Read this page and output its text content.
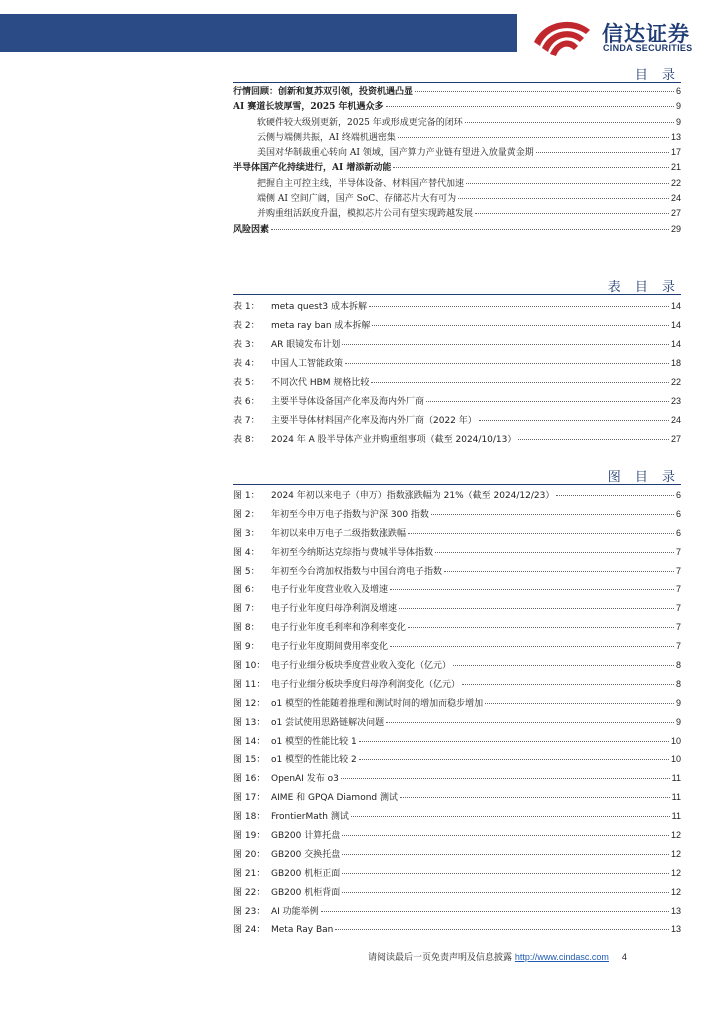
信达证券
CINDA SECURITIES
目 录
行情回顾：创新和复苏双引领，投资机遇凸显	6
AI 赛道长坡厚雪，2025 年机遇众多	9
软硬件较大级别更新，2025 年或形成更完备的闭环	9
云侧与端侧共振，AI 终端机遇密集	13
美国对华制裁重心转向 AI 领域，国产算力产业链有望进入放量黄金期	17
半导体国产化持续进行，AI 增添新动能	21
把握自主可控主线，半导体设备、材料国产替代加速	22
端侧 AI 空间广阔，国产 SoC、存储芯片大有可为	24
并购重组活跃度升温，模拟芯片公司有望实现跨越发展	27
风险因素	29
表 目 录
表 1： meta quest3 成本拆解	14
表 2： meta ray ban 成本拆解	14
表 3： AR 眼镜发布计划	14
表 4： 中国人工智能政策	18
表 5： 不同次代 HBM 规格比较	22
表 6： 主要半导体设备国产化率及海内外厂商	23
表 7： 主要半导体材料国产化率及海内外厂商（2022 年）	24
表 8： 2024 年 A 股半导体产业并购重组事项（截至 2024/10/13）	27
图 目 录
图 1： 2024 年初以来电子（申万）指数涨跌幅为 21%（截至 2024/12/23）	6
图 2： 年初至今申万电子指数与沪深 300 指数	6
图 3： 年初以来申万电子二级指数涨跌幅	6
图 4： 年初至今纳斯达克综指与费城半导体指数	7
图 5： 年初至今台湾加权指数与中国台湾电子指数	7
图 6： 电子行业年度营业收入及增速	7
图 7： 电子行业年度归母净利润及增速	7
图 8： 电子行业年度毛利率和净利率变化	7
图 9： 电子行业年度期间费用率变化	7
图 10： 电子行业细分板块季度营业收入变化（亿元）	8
图 11： 电子行业细分板块季度归母净利润变化（亿元）	8
图 12： o1 模型的性能随着推理和测试时间的增加而稳步增加	9
图 13： o1 尝试使用思路链解决问题	9
图 14： o1 模型的性能比较 1	10
图 15： o1 模型的性能比较 2	10
图 16： OpenAI 发布 o3	11
图 17： AIME 和 GPQA Diamond 测试	11
图 18： FrontierMath 测试	11
图 19： GB200 计算托盘	12
图 20： GB200 交换托盘	12
图 21： GB200 机柜正面	12
图 22： GB200 机柜背面	12
图 23： AI 功能举例	13
图 24： Meta Ray Ban	13
请阅读最后一页免责声明及信息披露 http://www.cindasc.com 4
